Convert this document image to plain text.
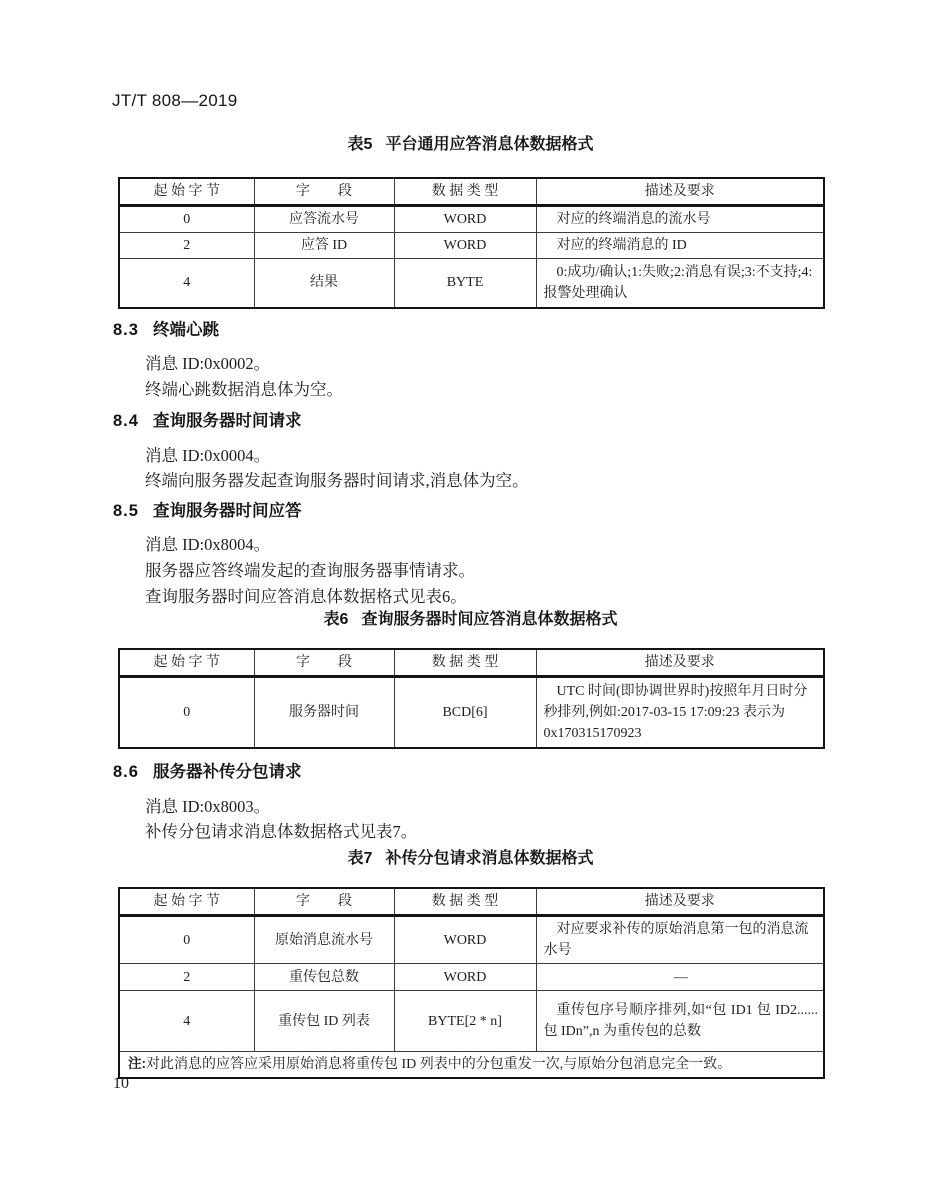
JT/T 808—2019
表5 平台通用应答消息体数据格式
起 始 字 节	字　　段	数 据 类 型	描述及要求
0	应答流水号	WORD	对应的终端消息的流水号
2	应答 ID	WORD	对应的终端消息的 ID
4	结果	BYTE	0:成功/确认;1:失败;2:消息有误;3:不支持;4:报警处理确认
8.3 终端心跳
消息 ID:0x0002。
终端心跳数据消息体为空。
8.4 查询服务器时间请求
消息 ID:0x0004。
终端向服务器发起查询服务器时间请求,消息体为空。
8.5 查询服务器时间应答
消息 ID:0x8004。
服务器应答终端发起的查询服务器事情请求。
查询服务器时间应答消息体数据格式见表6。
表6 查询服务器时间应答消息体数据格式
起 始 字 节	字　　段	数 据 类 型	描述及要求
0	服务器时间	BCD[6]	UTC 时间(即协调世界时)按照年月日时分秒排列,例如:2017-03-15 17:09:23 表示为 0x170315170923
8.6 服务器补传分包请求
消息 ID:0x8003。
补传分包请求消息体数据格式见表7。
表7 补传分包请求消息体数据格式
起 始 字 节	字　　段	数 据 类 型	描述及要求
0	原始消息流水号	WORD	对应要求补传的原始消息第一包的消息流水号
2	重传包总数	WORD	—
4	重传包 ID 列表	BYTE[2 * n]	重传包序号顺序排列,如“包 ID1 包 ID2......包 IDn”,n 为重传包的总数
注:对此消息的应答应采用原始消息将重传包 ID 列表中的分包重发一次,与原始分包消息完全一致。			
10
